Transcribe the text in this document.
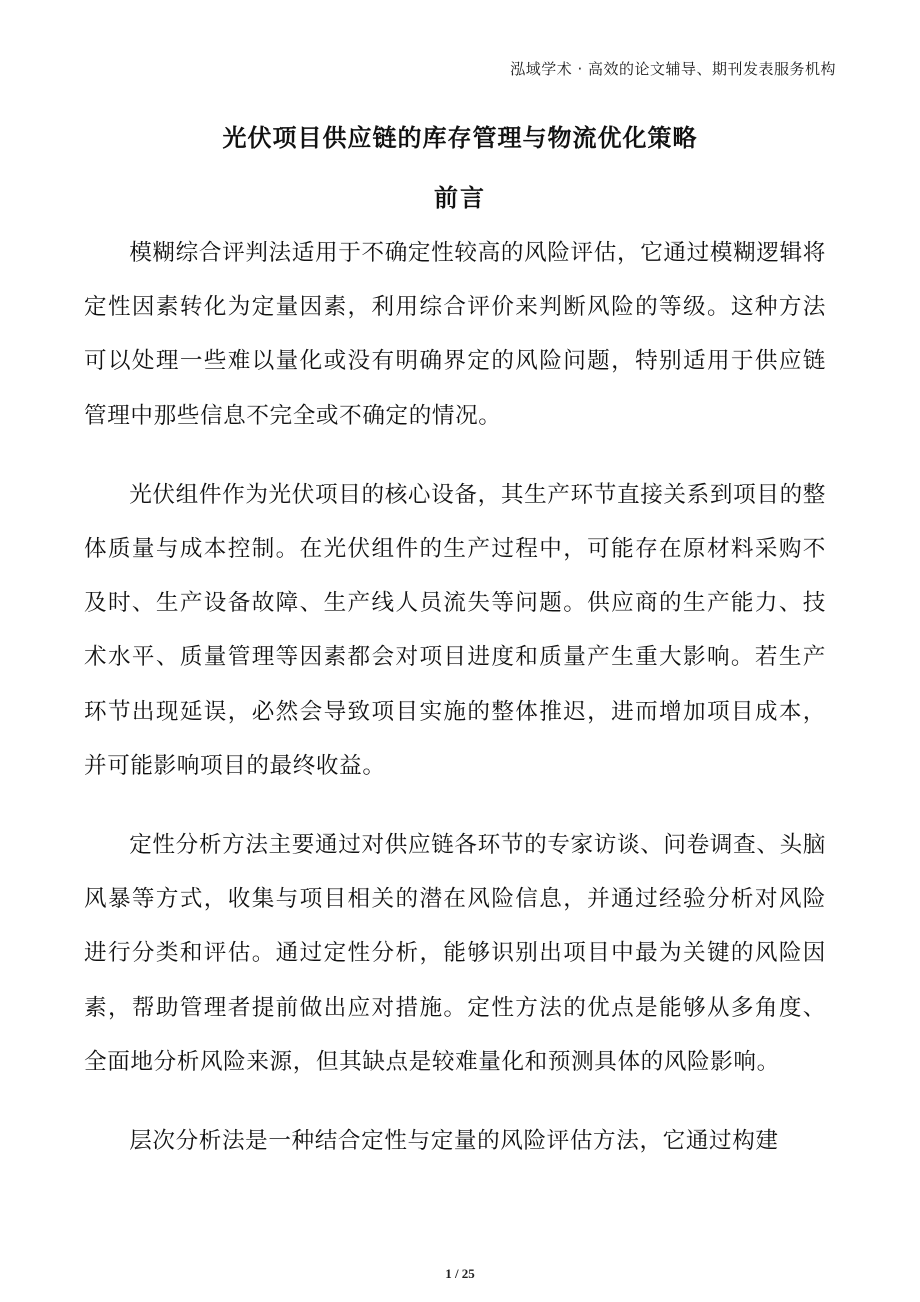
泓域学术 · 高效的论文辅导、期刊发表服务机构
光伏项目供应链的库存管理与物流优化策略
前言

模糊综合评判法适用于不确定性较高的风险评估，它通过模糊逻辑将定性因素转化为定量因素，利用综合评价来判断风险的等级。这种方法可以处理一些难以量化或没有明确界定的风险问题，特别适用于供应链管理中那些信息不完全或不确定的情况。

光伏组件作为光伏项目的核心设备，其生产环节直接关系到项目的整体质量与成本控制。在光伏组件的生产过程中，可能存在原材料采购不及时、生产设备故障、生产线人员流失等问题。供应商的生产能力、技术水平、质量管理等因素都会对项目进度和质量产生重大影响。若生产环节出现延误，必然会导致项目实施的整体推迟，进而增加项目成本，并可能影响项目的最终收益。

定性分析方法主要通过对供应链各环节的专家访谈、问卷调查、头脑风暴等方式，收集与项目相关的潜在风险信息，并通过经验分析对风险进行分类和评估。通过定性分析，能够识别出项目中最为关键的风险因素，帮助管理者提前做出应对措施。定性方法的优点是能够从多角度、全面地分析风险来源，但其缺点是较难量化和预测具体的风险影响。

层次分析法是一种结合定性与定量的风险评估方法，它通过构建

1 / 25
